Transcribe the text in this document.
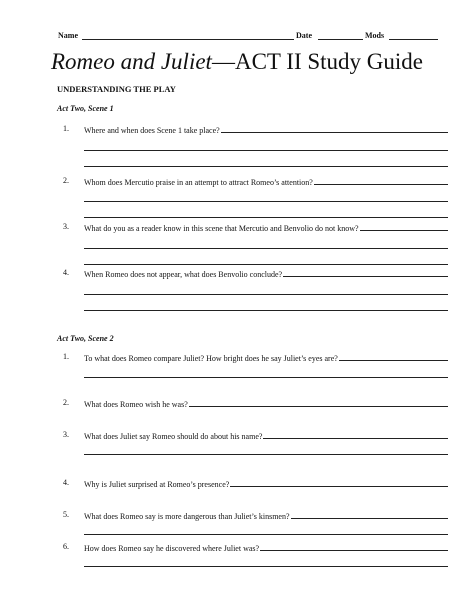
Name	Date	Mods
Romeo and Juliet—ACT II Study Guide
UNDERSTANDING THE PLAY
Act Two, Scene 1
1. Where and when does Scene 1 take place?
2. Whom does Mercutio praise in an attempt to attract Romeo’s attention?
3. What do you as a reader know in this scene that Mercutio and Benvolio do not know?
4. When Romeo does not appear, what does Benvolio conclude?
Act Two, Scene 2
1. To what does Romeo compare Juliet? How bright does he say Juliet’s eyes are?
2. What does Romeo wish he was?
3. What does Juliet say Romeo should do about his name?
4. Why is Juliet surprised at Romeo’s presence?
5. What does Romeo say is more dangerous than Juliet’s kinsmen?
6. How does Romeo say he discovered where Juliet was?
